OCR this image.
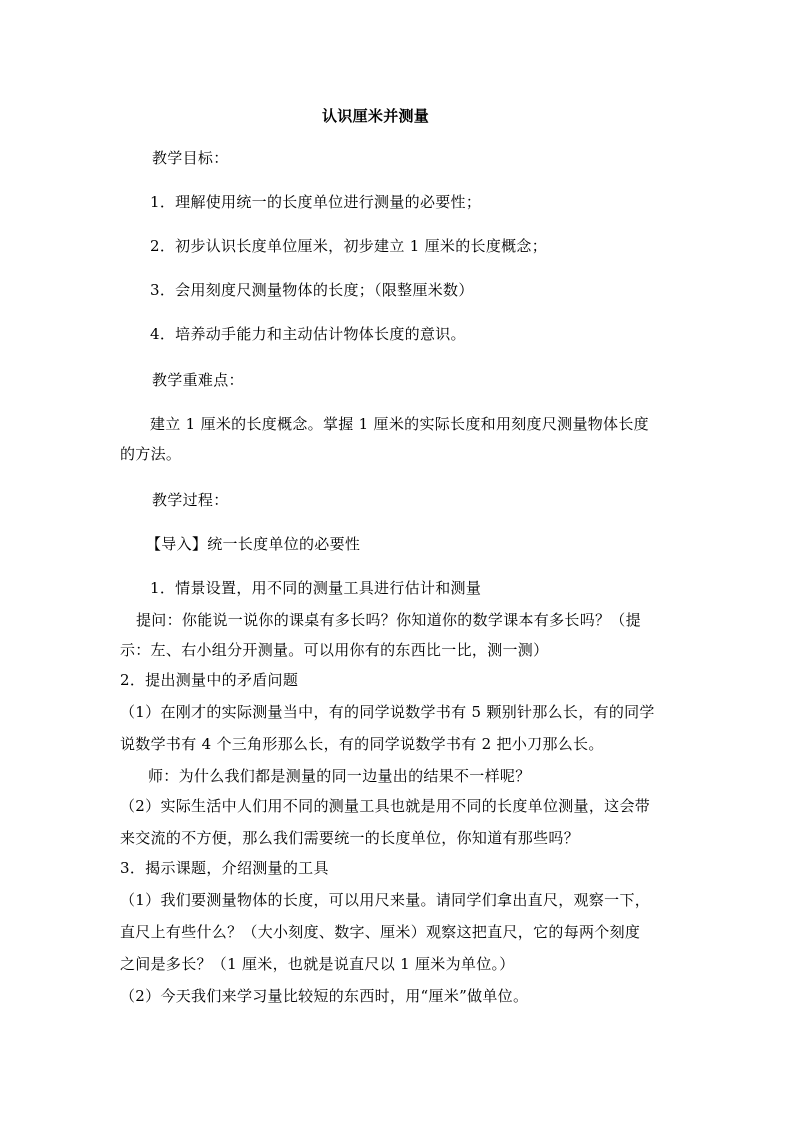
认识厘米并测量
教学目标：
1．理解使用统一的长度单位进行测量的必要性；
2．初步认识长度单位厘米，初步建立 1 厘米的长度概念；
3．会用刻度尺测量物体的长度；（限整厘米数）
4．培养动手能力和主动估计物体长度的意识。
教学重难点：
建立 1 厘米的长度概念。掌握 1 厘米的实际长度和用刻度尺测量物体长度
的方法。
教学过程：
【导入】统一长度单位的必要性
1．情景设置，用不同的测量工具进行估计和测量
提问：你能说一说你的课桌有多长吗？你知道你的数学课本有多长吗？（提
示：左、右小组分开测量。可以用你有的东西比一比，测一测）
2．提出测量中的矛盾问题
（1）在刚才的实际测量当中，有的同学说数学书有 5 颗别针那么长，有的同学
说数学书有 4 个三角形那么长，有的同学说数学书有 2 把小刀那么长。
师：为什么我们都是测量的同一边量出的结果不一样呢？
（2）实际生活中人们用不同的测量工具也就是用不同的长度单位测量，这会带
来交流的不方便，那么我们需要统一的长度单位，你知道有那些吗？
3．揭示课题，介绍测量的工具
（1）我们要测量物体的长度，可以用尺来量。请同学们拿出直尺，观察一下，
直尺上有些什么？（大小刻度、数字、厘米）观察这把直尺，它的每两个刻度
之间是多长？（1 厘米，也就是说直尺以 1 厘米为单位。）
（2）今天我们来学习量比较短的东西时，用“厘米”做单位。
